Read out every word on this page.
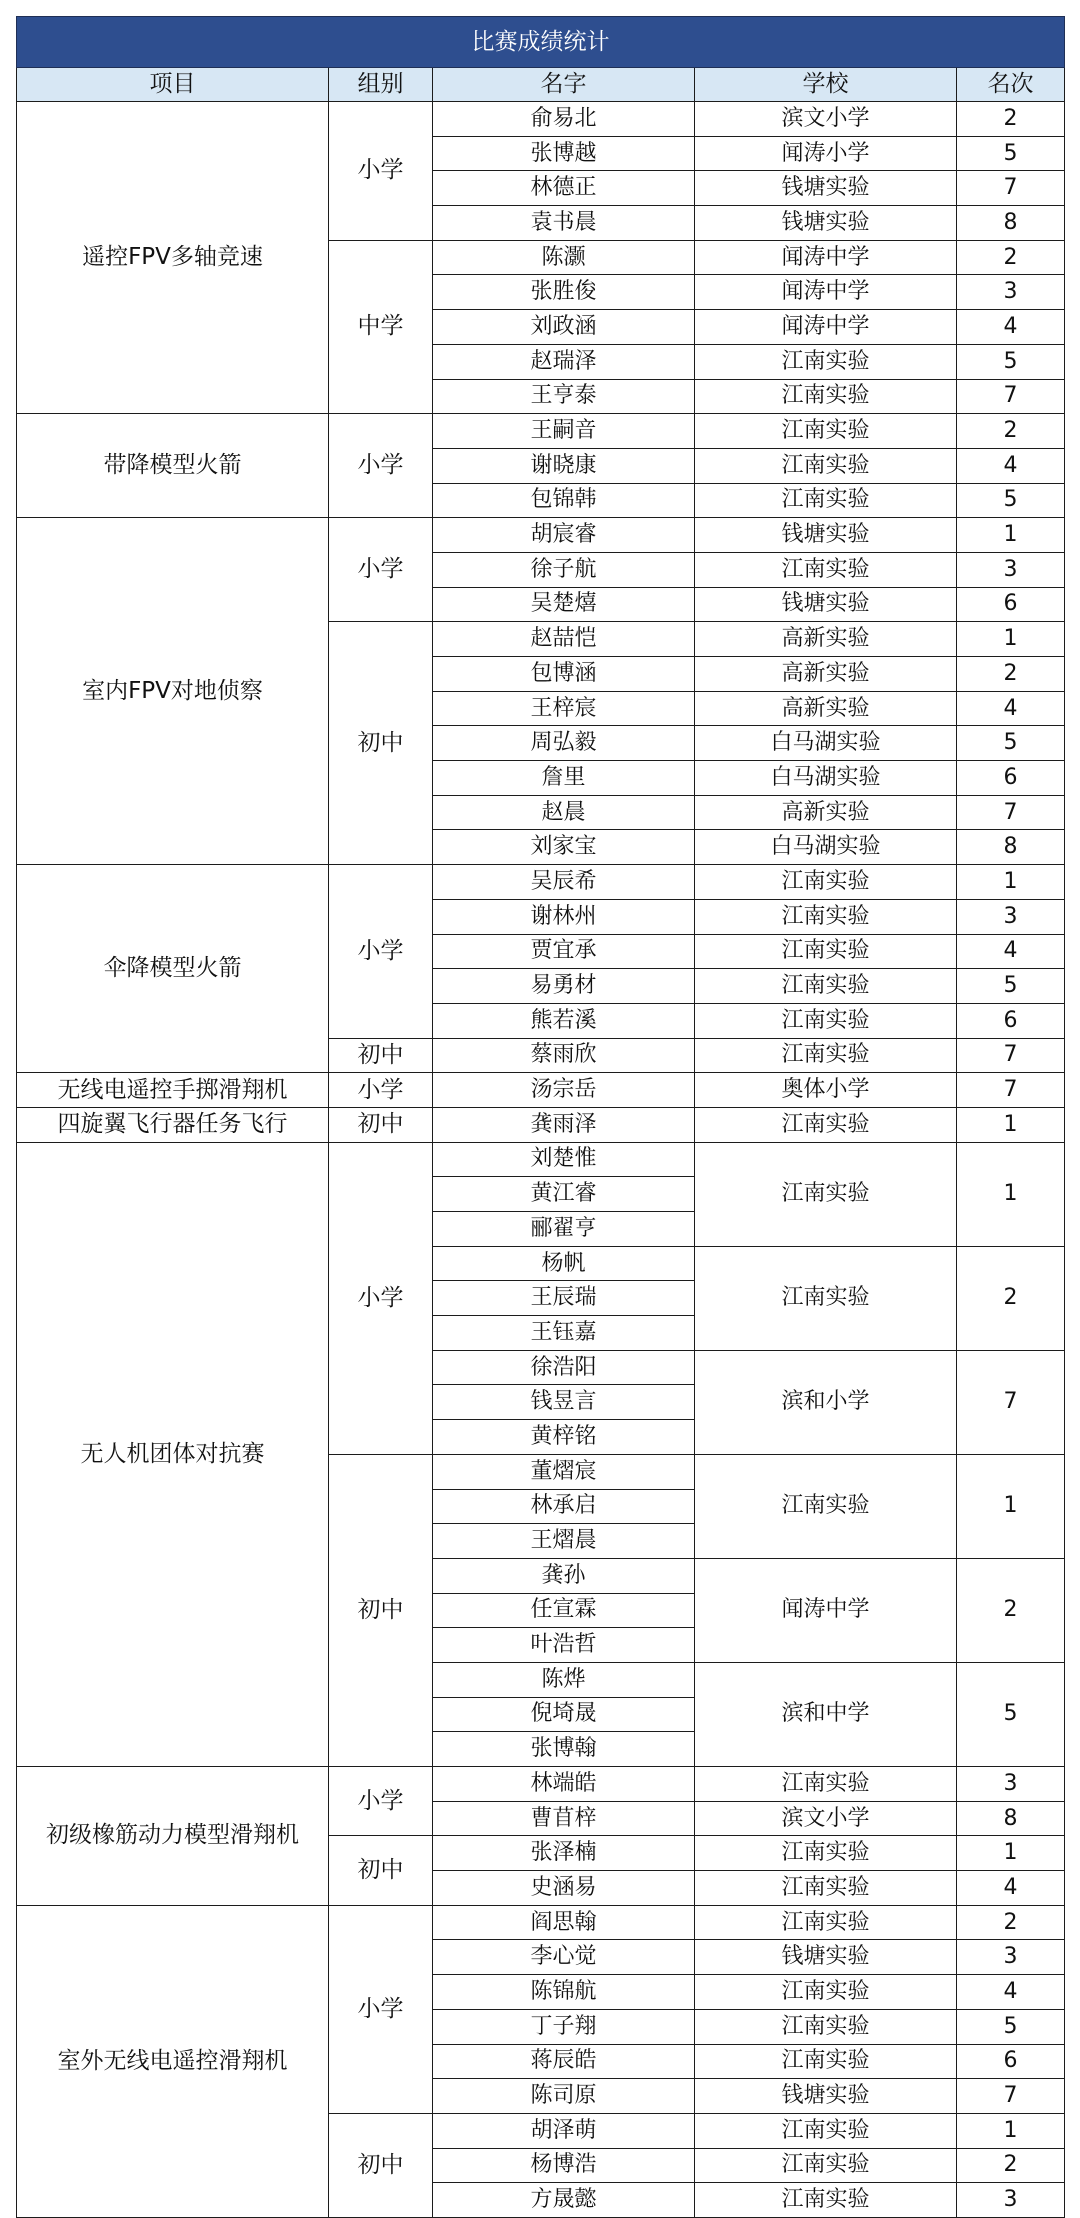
比赛成绩统计				
项目	组别	名字	学校	名次
遥控FPV多轴竞速	小学	俞易北	滨文小学	2
		张博越	闻涛小学	5
		林德正	钱塘实验	7
		袁书晨	钱塘实验	8
	中学	陈灏	闻涛中学	2
		张胜俊	闻涛中学	3
		刘政涵	闻涛中学	4
		赵瑞泽	江南实验	5
		王亨泰	江南实验	7
带降模型火箭	小学	王嗣音	江南实验	2
		谢晓康	江南实验	4
		包锦韩	江南实验	5
室内FPV对地侦察	小学	胡宸睿	钱塘实验	1
		徐子航	江南实验	3
		吴楚熺	钱塘实验	6
	初中	赵喆恺	高新实验	1
		包博涵	高新实验	2
		王梓宸	高新实验	4
		周弘毅	白马湖实验	5
		詹里	白马湖实验	6
		赵晨	高新实验	7
		刘家宝	白马湖实验	8
伞降模型火箭	小学	吴辰希	江南实验	1
		谢林州	江南实验	3
		贾宜承	江南实验	4
		易勇材	江南实验	5
		熊若溪	江南实验	6
	初中	蔡雨欣	江南实验	7
无线电遥控手掷滑翔机	小学	汤宗岳	奥体小学	7
四旋翼飞行器任务飞行	初中	龚雨泽	江南实验	1
无人机团体对抗赛	小学	刘楚惟	江南实验	1
		黄江睿		
		郦翟亨		
		杨帆	江南实验	2
		王辰瑞		
		王钰嘉		
		徐浩阳	滨和小学	7
		钱昱言		
		黄梓铭		
	初中	董熠宸	江南实验	1
		林承启		
		王熠晨		
		龚孙	闻涛中学	2
		任宣霖		
		叶浩哲		
		陈烨	滨和中学	5
		倪埼晟		
		张博翰		
初级橡筋动力模型滑翔机	小学	林端皓	江南实验	3
		曹苜梓	滨文小学	8
	初中	张泽楠	江南实验	1
		史涵易	江南实验	4
室外无线电遥控滑翔机	小学	阎思翰	江南实验	2
		李心觉	钱塘实验	3
		陈锦航	江南实验	4
		丁子翔	江南实验	5
		蒋辰皓	江南实验	6
		陈司原	钱塘实验	7
	初中	胡泽萌	江南实验	1
		杨博浩	江南实验	2
		方晟懿	江南实验	3
